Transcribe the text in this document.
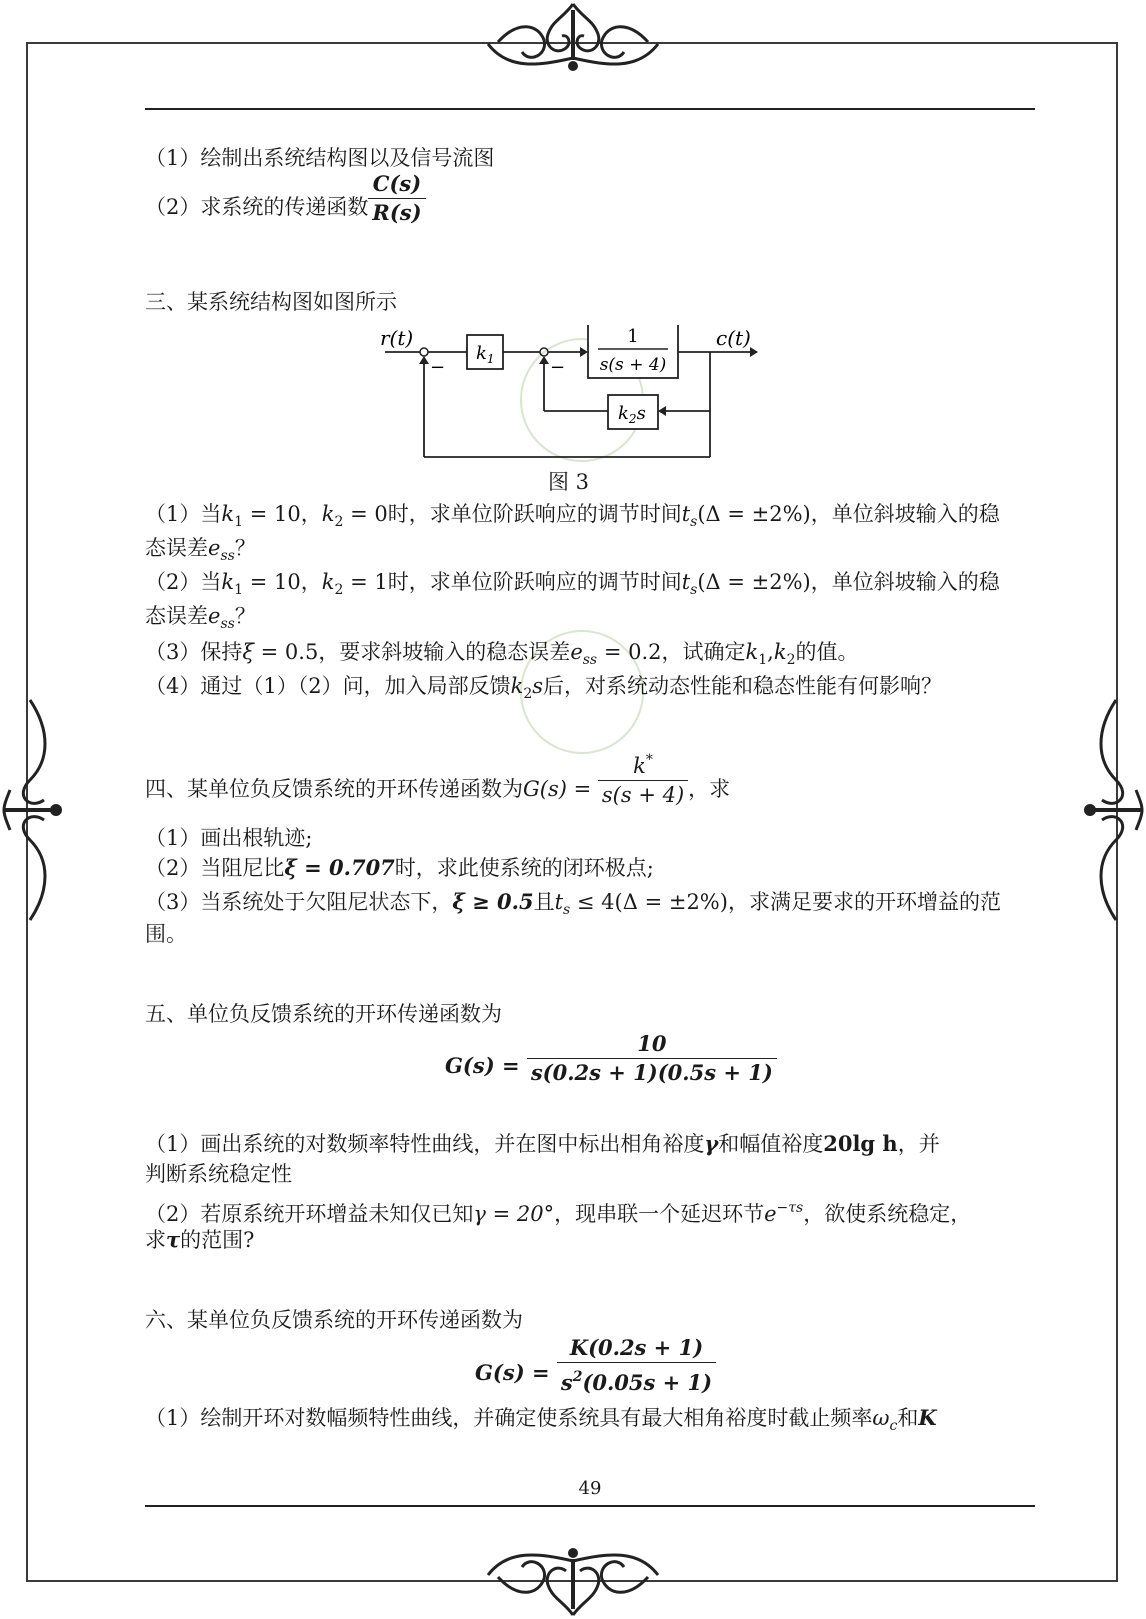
（1）绘制出系统结构图以及信号流图
（2）求系统的传递函数 $\frac{C(s)}{R(s)}$
三、某系统结构图如图所示
（1）当$k_1 = 10$，$k_2 = 0$时，求单位阶跃响应的调节时间$t_s(\Delta = \pm 2\%)$，单位斜坡输入的稳
态误差$e_{ss}$？
（2）当$k_1 = 10$，$k_2 = 1$时，求单位阶跃响应的调节时间$t_s(\Delta = \pm 2\%)$，单位斜坡输入的稳
态误差$e_{ss}$？
（3）保持ξ = 0.5，要求斜坡输入的稳态误差$e_{ss} = 0.2$，试确定$k_1,k_2$的值。
（4）通过（1）（2）问，加入局部反馈$k_2s$后，对系统动态性能和稳态性能有何影响？
四、某单位负反馈系统的开环传递函数为$G(s) = \frac{k^*}{s(s + 4)}$ ，求
（1）画出根轨迹;
（2）当阻尼比ξ = 0.707时，求此使系统的闭环极点;
（3）当系统处于欠阻尼状态下，ξ ≥ 0.5且$t_s \le 4(\Delta = \pm 2\%)$，求满足要求的开环增益的范
围。
五、单位负反馈系统的开环传递函数为
$G(s) = \frac{10}{s(0.2s + 1)(0.5s + 1)}$
（1）画出系统的对数频率特性曲线，并在图中标出相角裕度γ和幅值裕度20lg h，并
判断系统稳定性
（2）若原系统开环增益未知仅已知γ = 20°，现串联一个延迟环节$e^{-\tau s}$，欲使系统稳定，
求τ的范围?
六、某单位负反馈系统的开环传递函数为
$G(s) = \frac{K(0.2s + 1)}{s^2(0.05s + 1)}$
（1）绘制开环对数幅频特性曲线，并确定使系统具有最大相角裕度时截止频率$\omega_c$和K
49
r(t)
−
$k_1$	−
1
s(s + 4)
c(t)
$k_2s$
图 3
